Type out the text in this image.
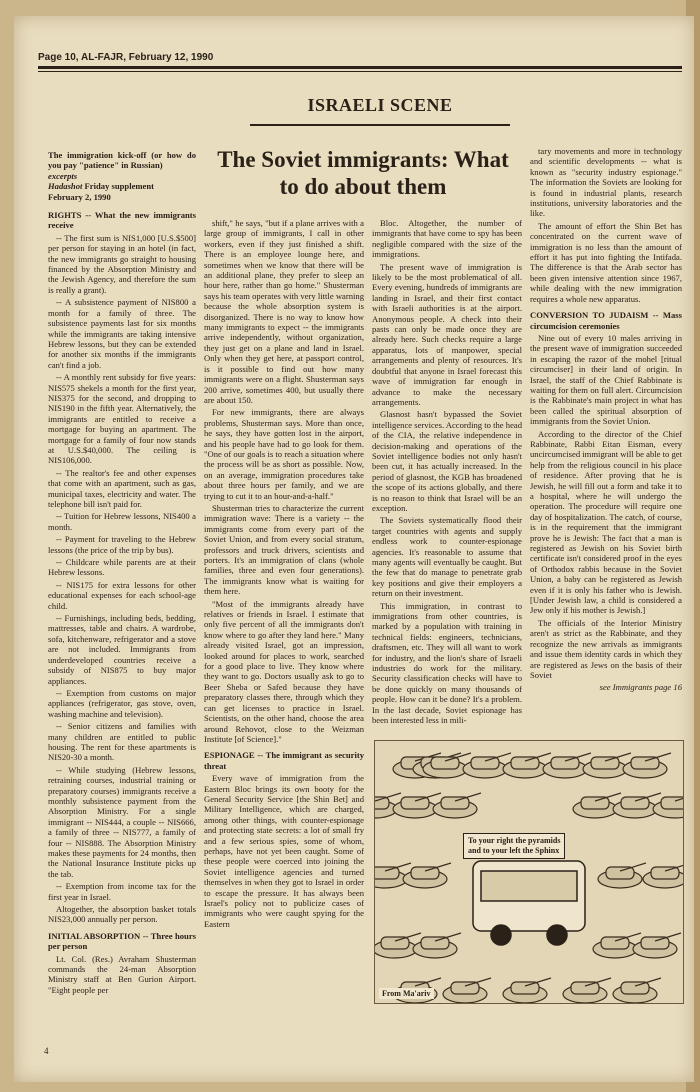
Page 10, AL-FAJR, February 12, 1990
ISRAELI SCENE
The immigration kick-off (or how do you pay "patience" in Russian)
excerpts
Hadashot Friday supplement
February 2, 1990
RIGHTS -- What the new immigrants receive

-- The first sum is NIS1,000 [U.S.$500] per person for staying in an hotel (in fact, the new immigrants go straight to housing financed by the Absorption Ministry and the Jewish Agency, and therefore the sum is really a grant).

-- A subsistence payment of NIS800 a month for a family of three. The subsistence payments last for six months while the immigrants are taking intensive Hebrew lessons, but they can be extended for another six months if the immigrants can't find a job.

-- A monthly rent subsidy for five years: NIS575 shekels a month for the first year, NIS375 for the second, and dropping to NIS190 in the fifth year. Alternatively, the immigrants are entitled to receive a mortgage for buying an apartment. The mortgage for a family of four now stands at U.S.$40,000. The ceiling is NIS106,000.

-- The realtor's fee and other expenses that come with an apartment, such as gas, municipal taxes, electricity and water. The telephone bill isn't paid for.

-- Tuition for Hebrew lessons, NIS400 a month.

-- Payment for traveling to the Hebrew lessons (the price of the trip by bus).

-- Childcare while parents are at their Hebrew lessons.

-- NIS175 for extra lessons for other educational expenses for each school-age child.

-- Furnishings, including beds, bedding, mattresses, table and chairs. A wardrobe, sofa, kitchenware, refrigerator and a stove are not included. Immigrants from underdeveloped countries receive a subsidy of NIS875 to buy major appliances.

-- Exemption from customs on major appliances (refrigerator, gas stove, oven, washing machine and television).

-- Senior citizens and families with many children are entitled to public housing. The rent for these apartments is NIS20-30 a month.

-- While studying (Hebrew lessons, retraining courses, industrial training or preparatory courses) immigrants receive a monthly subsistence payment from the Absorption Ministry. For a single immigrant -- NIS444, a couple -- NIS666, a family of three -- NIS777, a family of four -- NIS888. The Absorption Ministry makes these payments for 24 months, then the National Insurance Institute picks up the tab.

-- Exemption from income tax for the first year in Israel.

Altogether, the absorption basket totals NIS23,000 annually per person.

INITIAL ABSORPTION -- Three hours per person

Lt. Col. (Res.) Avraham Shusterman commands the 24-man Absorption Ministry staff at Ben Gurion Airport. "Eight people per

The Soviet immigrants: What to do about them

shift," he says, "but if a plane arrives with a large group of immigrants, I call in other workers, even if they just finished a shift. There is an employee lounge here, and sometimes when we know that there will be an additional plane, they prefer to sleep an hour here, rather than go home." Shusterman says his team operates with very little warning because the whole absorption system is disorganized. There is no way to know how many immigrants to expect -- the immigrants arrive independently, without organization, they just get on a plane and land in Israel. Only when they get here, at passport control, is it possible to find out how many immigrants were on a flight. Shusterman says 200 arrive, sometimes 400, but usually there are about 150.

For new immigrants, there are always problems, Shusterman says. More than once, he says, they have gotten lost in the airport, and his people have had to go look for them. "One of our goals is to reach a situation where the process will be as short as possible. Now, on an average, immigration procedures take about three hours per family, and we are trying to cut it to an hour-and-a-half."

Shusterman tries to characterize the current immigration wave: There is a variety -- the immigrants come from every part of the Soviet Union, and from every social stratum, professors and truck drivers, scientists and porters. It's an immigration of clans (whole families, three and even four generations). The immigrants know what is waiting for them here.

"Most of the immigrants already have relatives or friends in Israel. I estimate that only five percent of all the immigrants don't know where to go after they land here." Many already visited Israel, got an impression, looked around for places to work, searched for a good place to live. They know where they want to go. Doctors usually ask to go to Beer Sheba or Safed because they have preparatory classes there, through which they can get licenses to practice in Israel. Scientists, on the other hand, choose the area around Rehovot, close to the Weizman Institute [of Science]."

ESPIONAGE -- The immigrant as security threat

Every wave of immigration from the Eastern Bloc brings its own booty for the General Security Service [the Shin Bet] and Military Intelligence, which are charged, among other things, with counter-espionage and protecting state secrets: a lot of small fry and a few serious spies, some of whom, perhaps, have not yet been caught. Some of these people were coerced into joining the Soviet intelligence agencies and turned themselves in when they got to Israel in order to escape the pressure. It has always been Israel's policy not to publicize cases of immigrants who were caught spying for the Eastern

Bloc. Altogether, the number of immigrants that have come to spy has been negligible compared with the size of the immigrations.

The present wave of immigration is likely to be the most problematical of all. Every evening, hundreds of immigrants are landing in Israel, and their first contact with Israeli authorities is at the airport. Anonymous people. A check into their pasts can only be made once they are already here. Such checks require a large apparatus, lots of manpower, special arrangements and plenty of resources. It's doubtful that anyone in Israel forecast this wave of immigration far enough in advance to make the necessary arrangements.

Glasnost hasn't bypassed the Soviet intelligence services. According to the head of the CIA, the relative independence in decision-making and operations of the Soviet intelligence bodies not only hasn't been cut, it has actually increased. In the period of glasnost, the KGB has broadened the scope of its actions globally, and there is no reason to think that Israel will be an exception.

The Soviets systematically flood their target countries with agents and supply endless work to counter-espionage agencies. It's reasonable to assume that many agents will eventually be caught. But the few that do manage to penetrate grab key positions and give their employers a return on their investment.

This immigration, in contrast to immigrations from other countries, is marked by a population with training in technical fields: engineers, technicians, draftsmen, etc. They will all want to work for industry, and the lion's share of Israeli industries do work for the military. Security classification checks will have to be done quickly on many thousands of people. How can it be done? It's a problem. In the last decade, Soviet espionage has been interested less in mili-

tary movements and more in technology and scientific developments -- what is known as "security industry espionage." The information the Soviets are looking for is found in industrial plants, research institutions, university laboratories and the like.

The amount of effort the Shin Bet has concentrated on the current wave of immigration is no less than the amount of effort it has put into fighting the Intifada. The difference is that the Arab sector has been given intensive attention since 1967, while dealing with the new immigration requires a whole new apparatus.

CONVERSION TO JUDAISM -- Mass circumcision ceremonies

Nine out of every 10 males arriving in the present wave of immigration succeeded in escaping the razor of the mohel [ritual circumciser] in their land of origin. In Israel, the staff of the Chief Rabbinate is waiting for them on full alert. Circumcision is the Rabbinate's main project in what has been called the spiritual absorption of immigrants from the Soviet Union.

According to the director of the Chief Rabbinate, Rabbi Eitan Eisman, every uncircumcised immigrant will be able to get help from the religious council in his place of residence. After proving that he is Jewish, he will fill out a form and take it to a hospital, where he will undergo the operation. The procedure will require one day of hospitalization. The catch, of course, is in the requirement that the immigrant prove he is Jewish: The fact that a man is registered as Jewish on his Soviet birth certificate isn't considered proof in the eyes of Orthodox rabbis because in the Soviet Union, a baby can be registered as Jewish even if it is only his father who is Jewish. [Under Jewish law, a child is considered a Jew only if his mother is Jewish.]

The officials of the Interior Ministry aren't as strict as the Rabbinate, and they recognize the new arrivals as immigrants and issue them identity cards in which they are registered as Jews on the basis of their Soviet

see Immigrants page 16

To your right the pyramids
and to your left the Sphinx
From Ma'ariv
4
